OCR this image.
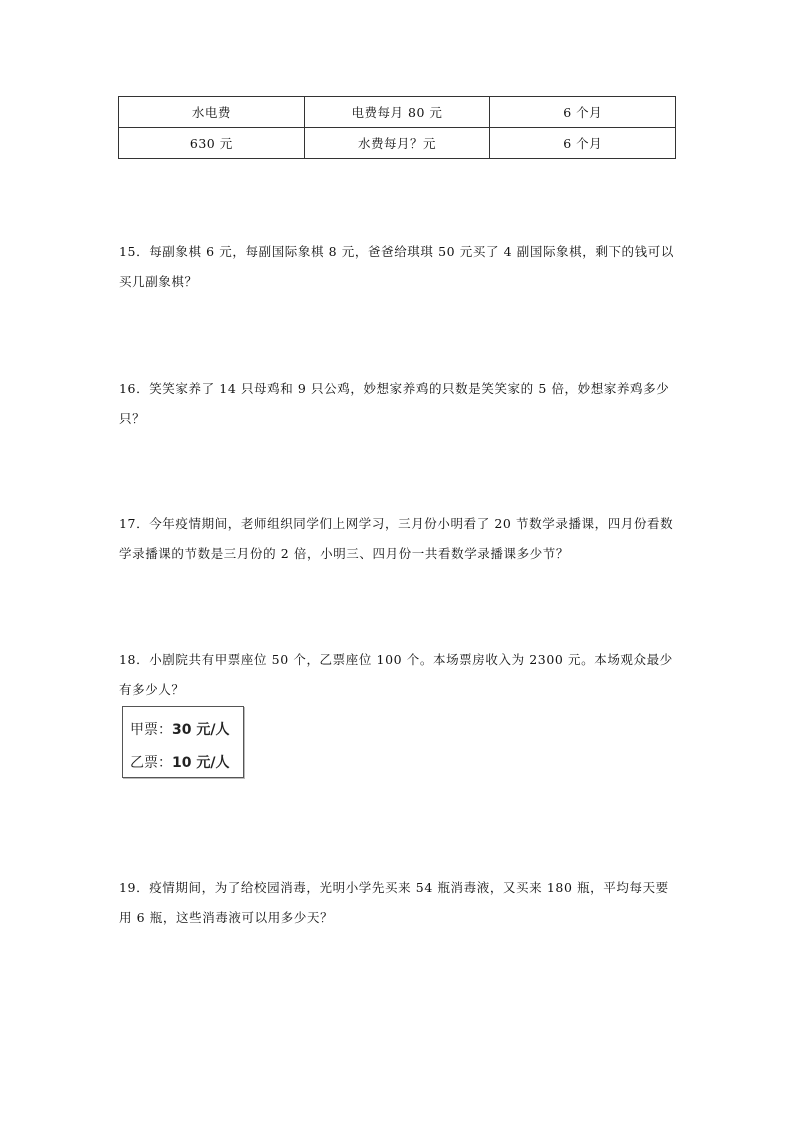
水电费	电费每月 80 元	6 个月
630 元	水费每月？元	6 个月

15．每副象棋 6 元，每副国际象棋 8 元，爸爸给琪琪 50 元买了 4 副国际象棋，剩下的钱可以买几副象棋？

16．笑笑家养了 14 只母鸡和 9 只公鸡，妙想家养鸡的只数是笑笑家的 5 倍，妙想家养鸡多少只？

17．今年疫情期间，老师组织同学们上网学习，三月份小明看了 20 节数学录播课，四月份看数学录播课的节数是三月份的 2 倍，小明三、四月份一共看数学录播课多少节？

18．小剧院共有甲票座位 50 个，乙票座位 100 个。本场票房收入为 2300 元。本场观众最少有多少人？

甲票：30 元/人
乙票：10 元/人

19．疫情期间，为了给校园消毒，光明小学先买来 54 瓶消毒液，又买来 180 瓶，平均每天要用 6 瓶，这些消毒液可以用多少天？
